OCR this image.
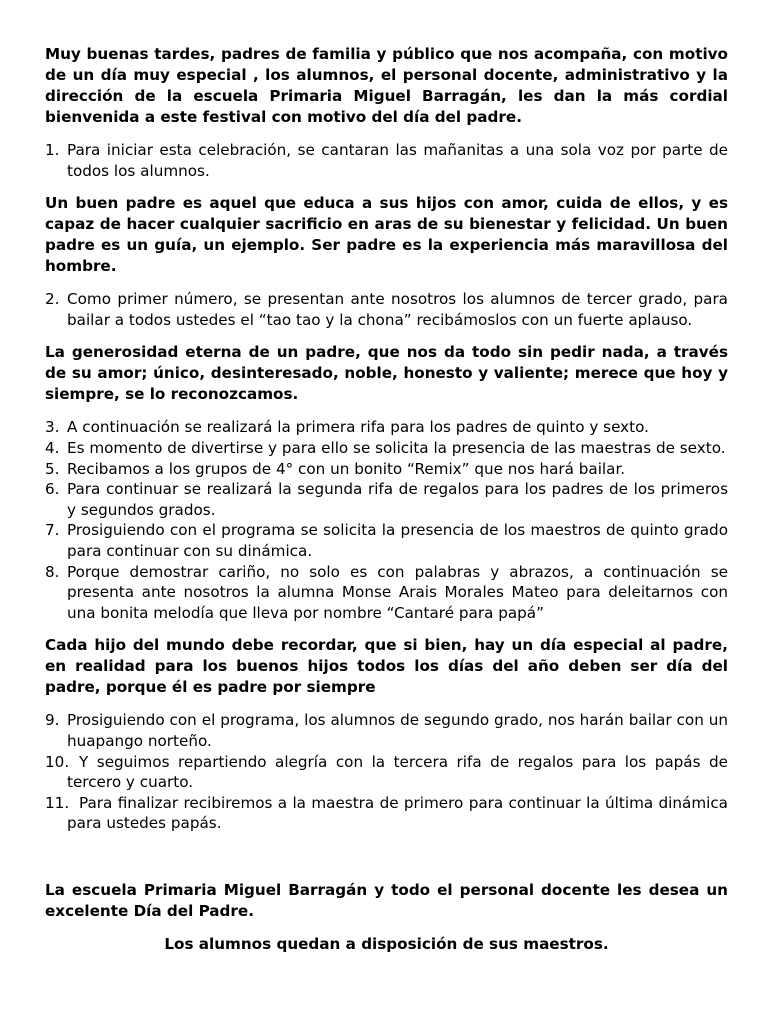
Muy buenas tardes, padres de familia y público que nos acompaña, con motivo de un día muy especial , los alumnos, el personal docente, administrativo y la dirección de la escuela Primaria Miguel Barragán, les dan la más cordial bienvenida a este festival con motivo del día del padre.

1. Para iniciar esta celebración, se cantaran las mañanitas a una sola voz por parte de todos los alumnos.

Un buen padre es aquel que educa a sus hijos con amor, cuida de ellos, y es capaz de hacer cualquier sacrificio en aras de su bienestar y felicidad. Un buen padre es un guía, un ejemplo. Ser padre es la experiencia más maravillosa del hombre.

2. Como primer número, se presentan ante nosotros los alumnos de tercer grado, para bailar a todos ustedes el “tao tao y la chona” recibámoslos con un fuerte aplauso.

La generosidad eterna de un padre, que nos da todo sin pedir nada, a través de su amor; único, desinteresado, noble, honesto y valiente; merece que hoy y siempre, se lo reconozcamos.

3. A continuación se realizará la primera rifa para los padres de quinto y sexto.
4. Es momento de divertirse y para ello se solicita la presencia de las maestras de sexto.
5. Recibamos a los grupos de 4° con un bonito “Remix” que nos hará bailar.
6. Para continuar se realizará la segunda rifa de regalos para los padres de los primeros y segundos grados.
7. Prosiguiendo con el programa se solicita la presencia de los maestros de quinto grado para continuar con su dinámica.
8. Porque demostrar cariño, no solo es con palabras y abrazos, a continuación se presenta ante nosotros la alumna Monse Arais Morales Mateo para deleitarnos con una bonita melodía que lleva por nombre “Cantaré para papá”

Cada hijo del mundo debe recordar, que si bien, hay un día especial al padre, en realidad para los buenos hijos todos los días del año deben ser día del padre, porque él es padre por siempre

9. Prosiguiendo con el programa, los alumnos de segundo grado, nos harán bailar con un huapango norteño.
10. Y seguimos repartiendo alegría con la tercera rifa de regalos para los papás de tercero y cuarto.
11. Para finalizar recibiremos a la maestra de primero para continuar la última dinámica para ustedes papás.

La escuela Primaria Miguel Barragán y todo el personal docente les desea un excelente Día del Padre.

Los alumnos quedan a disposición de sus maestros.
